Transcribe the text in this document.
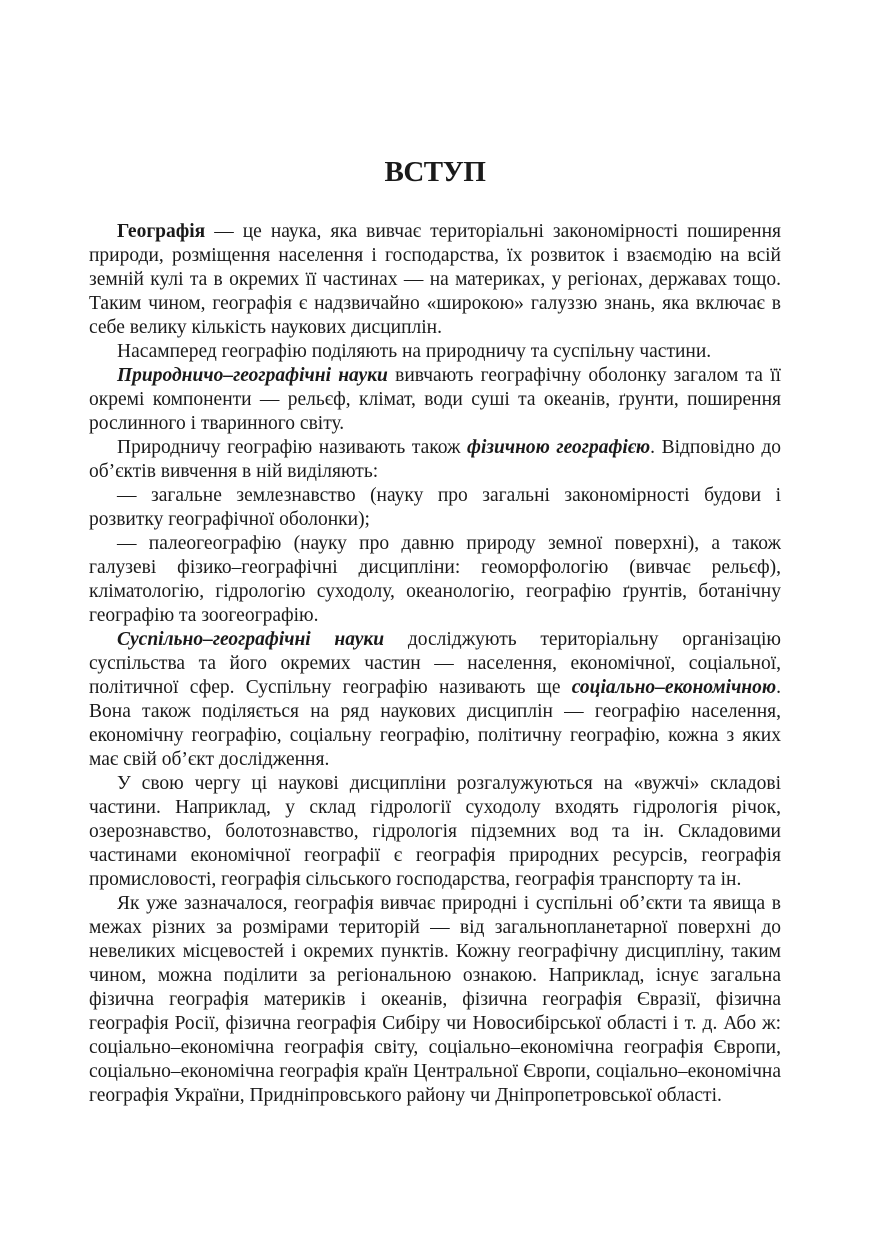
ВСТУП

Географія — це наука, яка вивчає територіальні закономірності поширення природи, розміщення населення і господарства, їх розвиток і взаємодію на всій земній кулі та в окремих її частинах — на материках, у регіонах, державах тощо. Таким чином, географія є надзвичайно «широкою» галуззю знань, яка включає в себе велику кількість наукових дисциплін.

Насамперед географію поділяють на природничу та суспільну частини.

Природничо–географічні науки вивчають географічну оболонку загалом та її окремі компоненти — рельєф, клімат, води суші та океанів, ґрунти, поширення рослинного і тваринного світу.

Природничу географію називають також фізичною географією. Відповідно до об’єктів вивчення в ній виділяють:

— загальне землезнавство (науку про загальні закономірності будови і розвитку географічної оболонки);

— палеогеографію (науку про давню природу земної поверхні), а також галузеві фізико–географічні дисципліни: геоморфологію (вивчає рельєф), кліматологію, гідрологію суходолу, океанологію, географію ґрунтів, ботанічну географію та зоогеографію.

Суспільно–географічні науки досліджують територіальну організацію суспільства та його окремих частин — населення, економічної, соціальної, політичної сфер. Суспільну географію називають ще соціально–економічною. Вона також поділяється на ряд наукових дисциплін — географію населення, економічну географію, соціальну географію, політичну географію, кожна з яких має свій об’єкт дослідження.

У свою чергу ці наукові дисципліни розгалужуються на «вужчі» складові частини. Наприклад, у склад гідрології суходолу входять гідрологія річок, озерознавство, болотознавство, гідрологія підземних вод та ін. Складовими частинами економічної географії є географія природних ресурсів, географія промисловості, географія сільського господарства, географія транспорту та ін.

Як уже зазначалося, географія вивчає природні і суспільні об’єкти та явища в межах різних за розмірами територій — від загальнопланетарної поверхні до невеликих місцевостей і окремих пунктів. Кожну географічну дисципліну, таким чином, можна поділити за регіональною ознакою. Наприклад, існує загальна фізична географія материків і океанів, фізична географія Євразії, фізична географія Росії, фізична географія Сибіру чи Новосибірської області і т. д. Або ж: соціально–економічна географія світу, соціально–економічна географія Європи, соціально–економічна географія країн Центральної Європи, соціально–економічна географія України, Придніпровського району чи Дніпропетровської області.
